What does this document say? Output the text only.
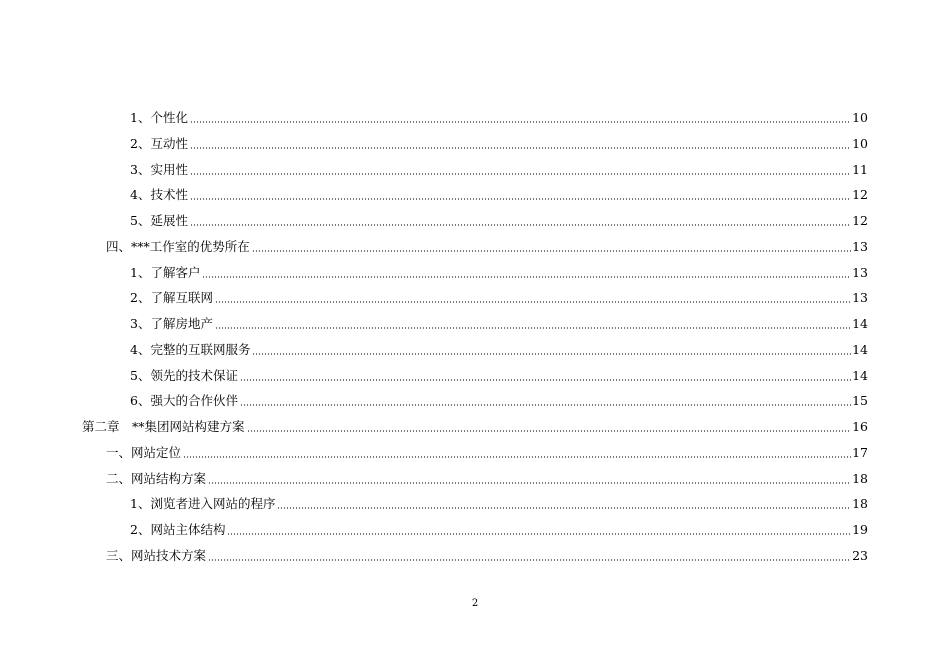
1、个性化	10
2、互动性	10
3、实用性	11
4、技术性	12
5、延展性	12
四、***工作室的优势所在	13
1、了解客户	13
2、了解互联网	13
3、了解房地产	14
4、完整的互联网服务	14
5、领先的技术保证	14
6、强大的合作伙伴	15
第二章　**集团网站构建方案	16
一、网站定位	17
二、网站结构方案	18
1、浏览者进入网站的程序	18
2、网站主体结构	19
三、网站技术方案	23
2
